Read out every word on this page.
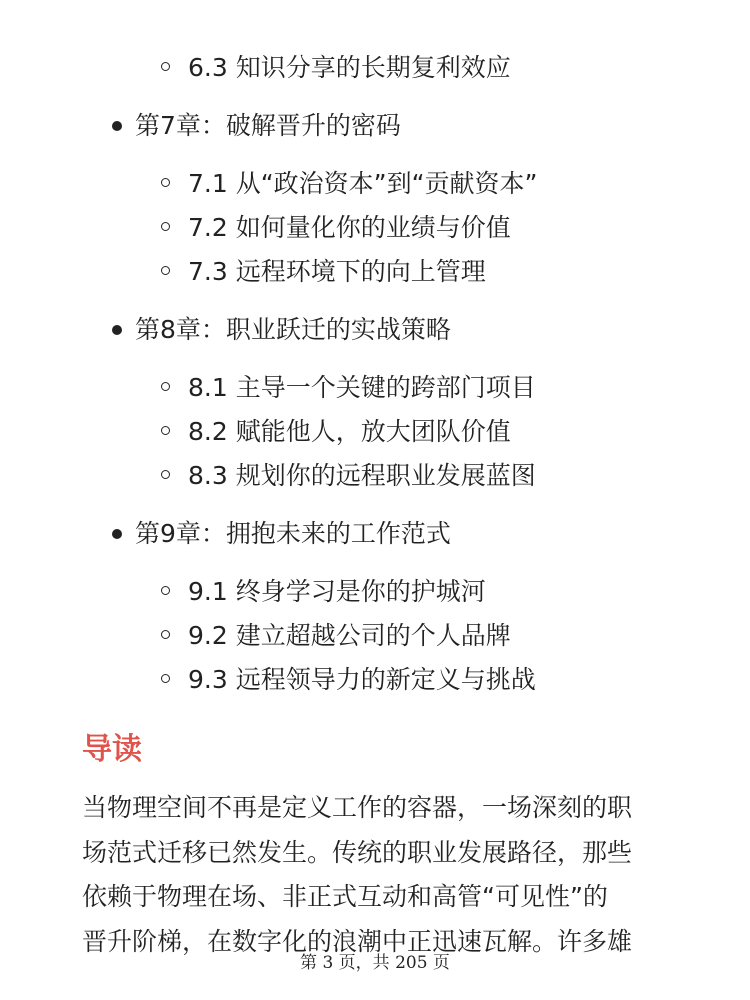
6.3 知识分享的长期复利效应
第7章：破解晋升的密码
7.1 从“政治资本”到“贡献资本”
7.2 如何量化你的业绩与价值
7.3 远程环境下的向上管理
第8章：职业跃迁的实战策略
8.1 主导一个关键的跨部门项目
8.2 赋能他人，放大团队价值
8.3 规划你的远程职业发展蓝图
第9章：拥抱未来的工作范式
9.1 终身学习是你的护城河
9.2 建立超越公司的个人品牌
9.3 远程领导力的新定义与挑战
导读
当物理空间不再是定义工作的容器，一场深刻的职
场范式迁移已然发生。传统的职业发展路径，那些
依赖于物理在场、非正式互动和高管“可见性”的
晋升阶梯，在数字化的浪潮中正迅速瓦解。许多雄
第 3 页，共 205 页
